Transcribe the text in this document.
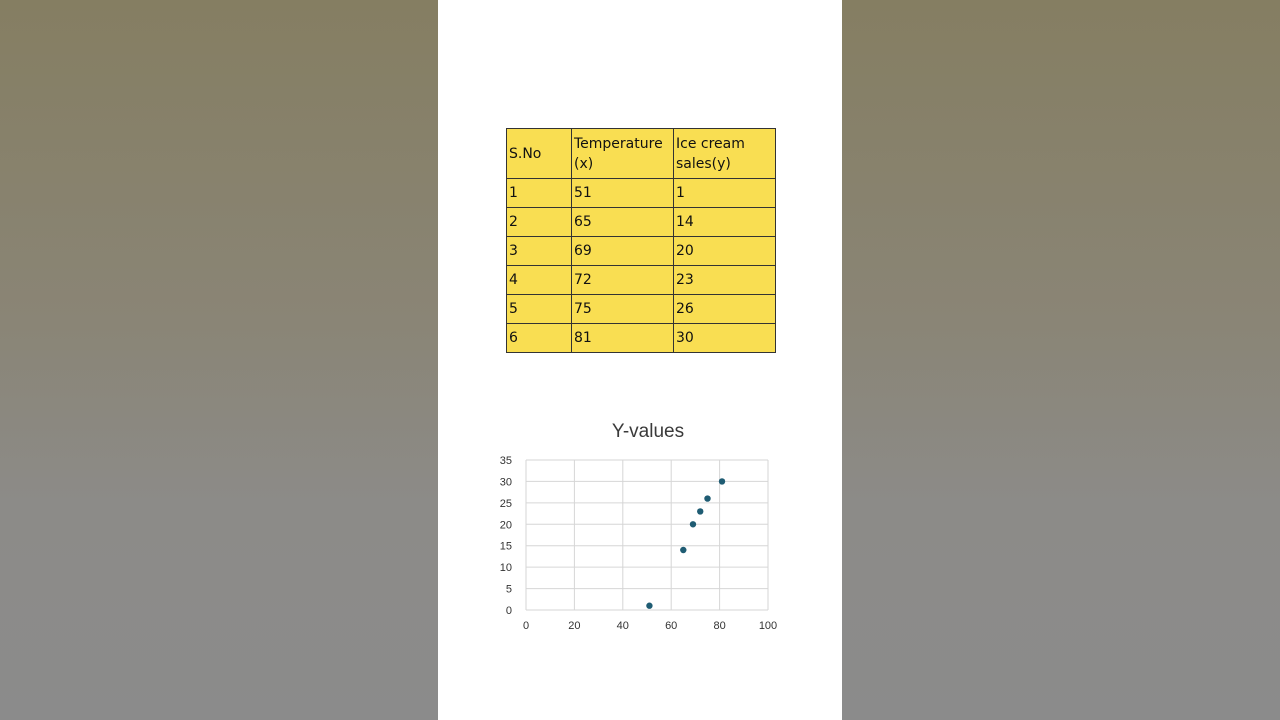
S.No	Temperature (x)	Ice cream sales(y)

1	51	1
2	65	14
3	69	20
4	72	23
5	75	26
6	81	30
Y-values
0
5
10
15
20
25
30
35
0	20	40	60	80	100
